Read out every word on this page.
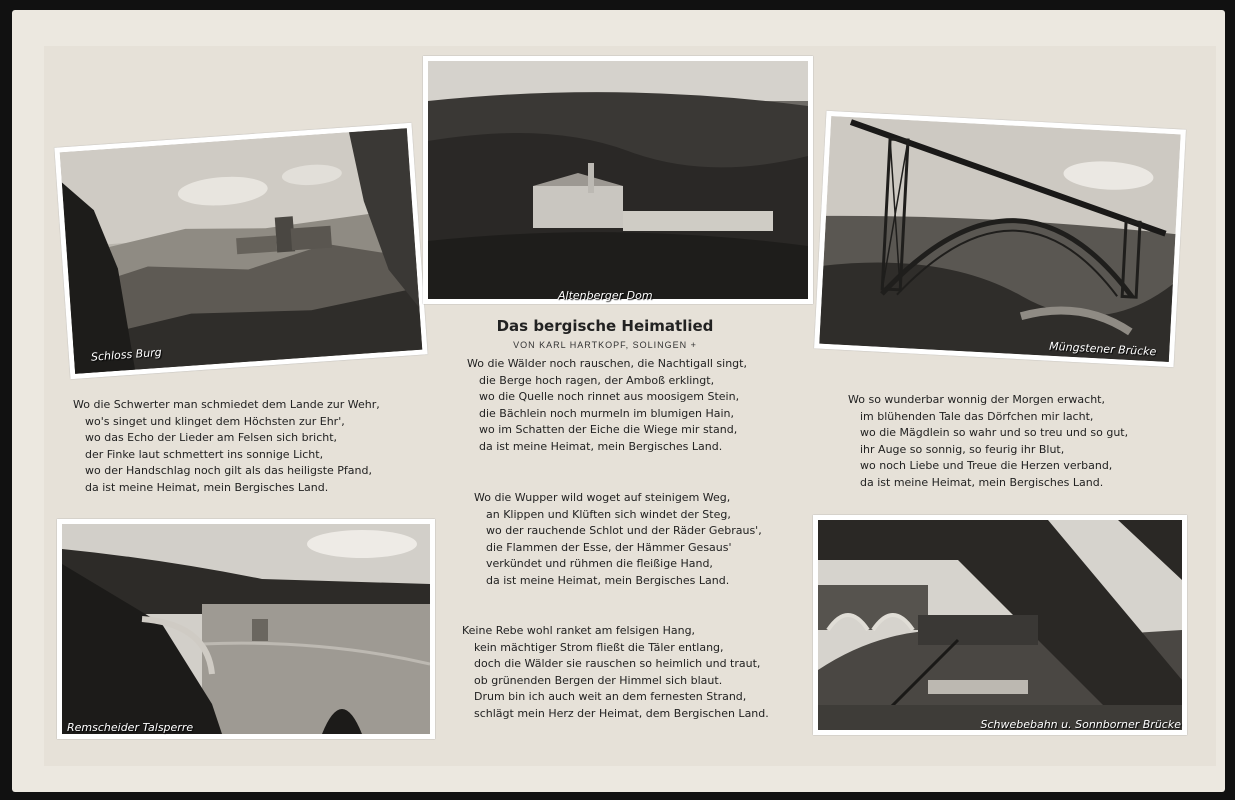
Schloss Burg
Altenberger Dom
Müngstener Brücke
Remscheider Talsperre	Schwebebahn u. Sonnborner Brücke
Das bergische Heimatlied
VON KARL HARTKOPF, SOLINGEN +
Wo die Wälder noch rauschen, die Nachtigall singt,
die Berge hoch ragen, der Amboß erklingt,
wo die Quelle noch rinnet aus moosigem Stein,
die Bächlein noch murmeln im blumigen Hain,
wo im Schatten der Eiche die Wiege mir stand,
da ist meine Heimat, mein Bergisches Land.
Wo die Schwerter man schmiedet dem Lande zur Wehr,
wo's singet und klinget dem Höchsten zur Ehr',
wo das Echo der Lieder am Felsen sich bricht,
der Finke laut schmettert ins sonnige Licht,
wo der Handschlag noch gilt als das heiligste Pfand,
da ist meine Heimat, mein Bergisches Land.
Wo so wunderbar wonnig der Morgen erwacht,
im blühenden Tale das Dörfchen mir lacht,
wo die Mägdlein so wahr und so treu und so gut,
ihr Auge so sonnig, so feurig ihr Blut,
wo noch Liebe und Treue die Herzen verband,
da ist meine Heimat, mein Bergisches Land.
Wo die Wupper wild woget auf steinigem Weg,
an Klippen und Klüften sich windet der Steg,
wo der rauchende Schlot und der Räder Gebraus',
die Flammen der Esse, der Hämmer Gesaus'
verkündet und rühmen die fleißige Hand,
da ist meine Heimat, mein Bergisches Land.
Keine Rebe wohl ranket am felsigen Hang,
kein mächtiger Strom fließt die Täler entlang,
doch die Wälder sie rauschen so heimlich und traut,
ob grünenden Bergen der Himmel sich blaut.
Drum bin ich auch weit an dem fernesten Strand,
schlägt mein Herz der Heimat, dem Bergischen Land.
